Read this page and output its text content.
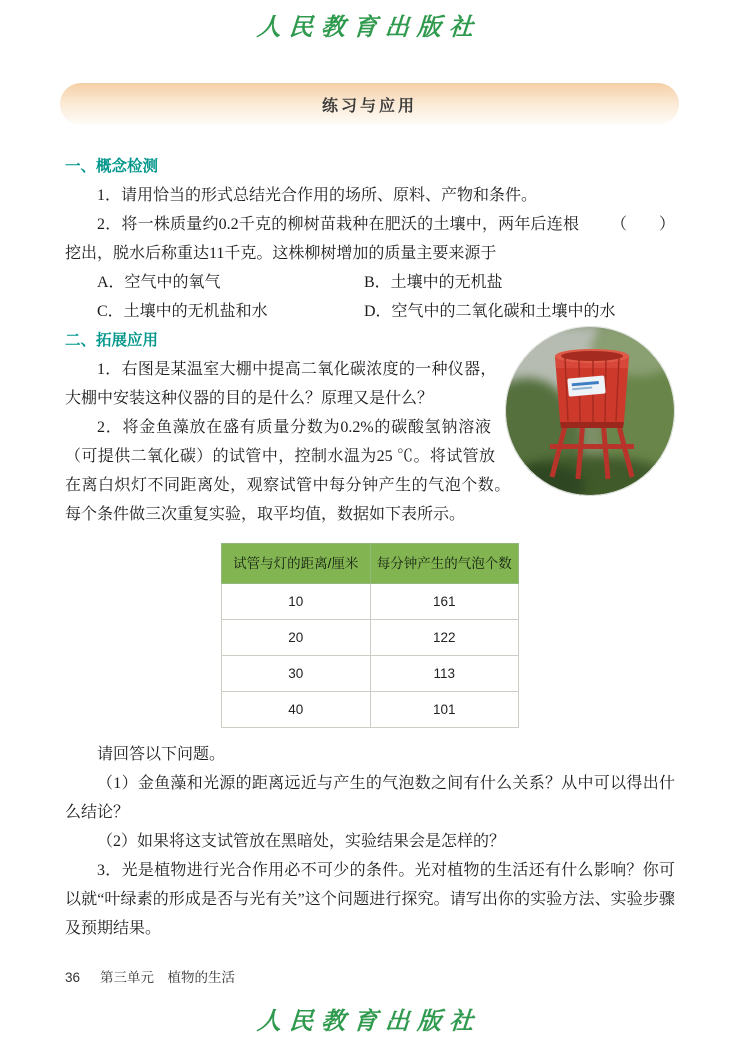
人民教育出版社
练习与应用
一、概念检测

1．请用恰当的形式总结光合作用的场所、原料、产物和条件。

（　　）
2．将一株质量约0.2千克的柳树苗栽种在肥沃的土壤中，两年后连根挖出，脱水后称重达11千克。这株柳树增加的质量主要来源于

A．空气中的氧气	B．土壤中的无机盐
C．土壤中的无机盐和水	D．空气中的二氧化碳和土壤中的水
二、拓展应用

1．右图是某温室大棚中提高二氧化碳浓度的一种仪器，大棚中安装这种仪器的目的是什么？原理又是什么？

2．将金鱼藻放在盛有质量分数为0.2%的碳酸氢钠溶液（可提供二氧化碳）的试管中，控制水温为25 ℃。将试管放在离白炽灯不同距离处，观察试管中每分钟产生的气泡个数。每个条件做三次重复实验，取平均值，数据如下表所示。

试管与灯的距离/厘米	每分钟产生的气泡个数
10	161
20	122
30	113
40	101

请回答以下问题。

（1）金鱼藻和光源的距离远近与产生的气泡数之间有什么关系？从中可以得出什么结论？

（2）如果将这支试管放在黑暗处，实验结果会是怎样的？

3．光是植物进行光合作用必不可少的条件。光对植物的生活还有什么影响？你可以就“叶绿素的形成是否与光有关”这个问题进行探究。请写出你的实验方法、实验步骤及预期结果。

36 第三单元　植物的生活
人民教育出版社
